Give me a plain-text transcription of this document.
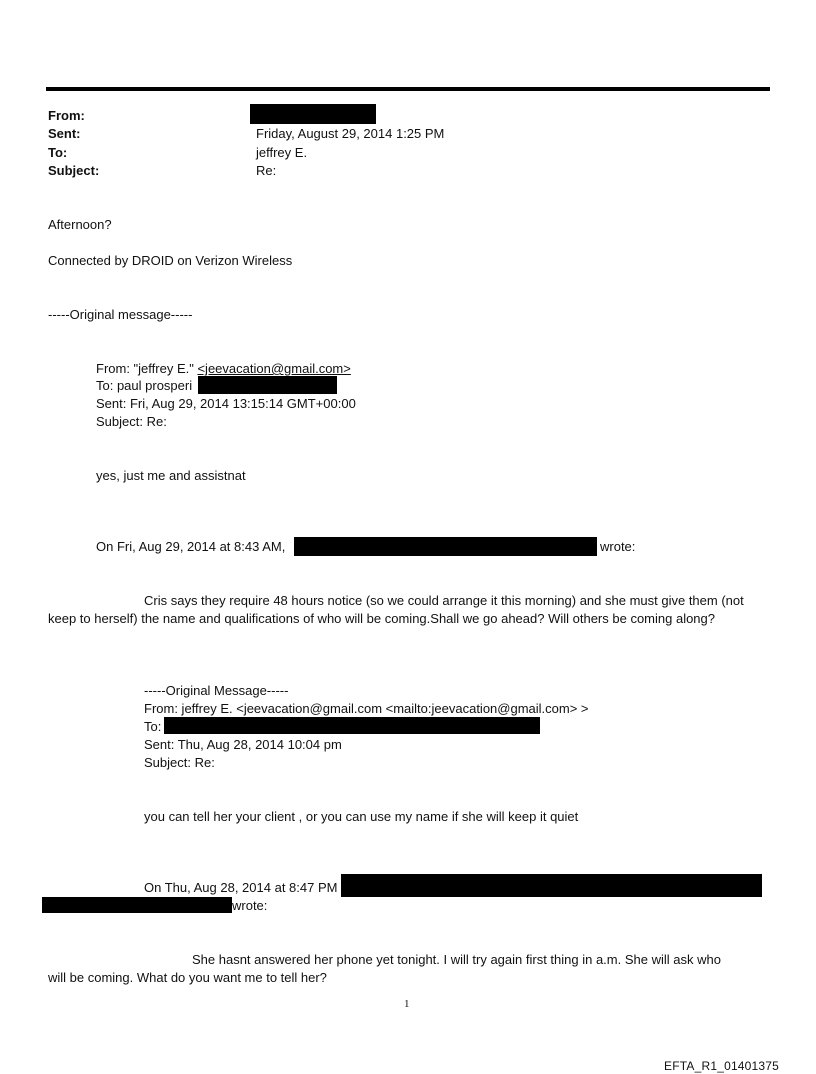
From:
Sent:	Friday, August 29, 2014 1:25 PM
To:	jeffrey E.
Subject:	Re:
Afternoon?
Connected by DROID on Verizon Wireless
-----Original message-----
From: "jeffrey E." <jeevacation@gmail.com>
To: paul prosperi
Sent: Fri, Aug 29, 2014 13:15:14 GMT+00:00
Subject: Re:
yes, just me and assistnat
On Fri, Aug 29, 2014 at 8:43 AM,	wrote:
Cris says they require 48 hours notice (so we could arrange it this morning) and she must give them (not
keep to herself) the name and qualifications of who will be coming.Shall we go ahead? Will others be coming along?
-----Original Message-----
From: jeffrey E. <jeevacation@gmail.com <mailto:jeevacation@gmail.com> >
To:
Sent: Thu, Aug 28, 2014 10:04 pm
Subject: Re:
you can tell her your client , or you can use my name if she will keep it quiet
On Thu, Aug 28, 2014 at 8:47 PM
wrote:
She hasnt answered her phone yet tonight. I will try again first thing in a.m. She will ask who
will be coming. What do you want me to tell her?
1
EFTA_R1_01401375
